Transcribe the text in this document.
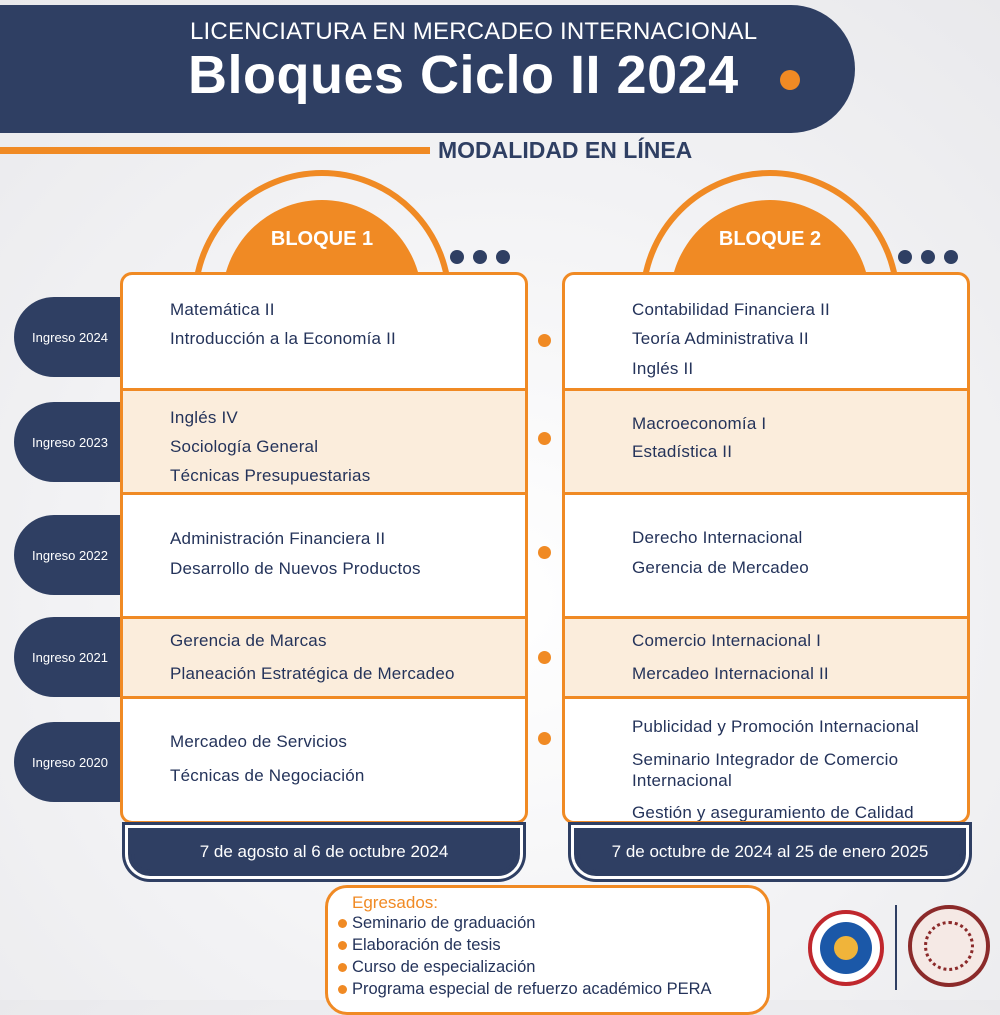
LICENCIATURA EN MERCADEO INTERNACIONAL
Bloques Ciclo II 2024
MODALIDAD EN LÍNEA
BLOQUE 1	BLOQUE 2
Ingreso 2024
Ingreso 2023
Ingreso 2022
Ingreso 2021
Ingreso 2020
Matemática II
Introducción a la Economía II
Inglés IV
Sociología General
Técnicas Presupuestarias
Administración Financiera II
Desarrollo de Nuevos Productos
Gerencia de Marcas
Planeación Estratégica de Mercadeo
Mercadeo de Servicios
Técnicas de Negociación
Contabilidad Financiera II
Teoría Administrativa II
Inglés II
Macroeconomía I
Estadística II
Derecho Internacional
Gerencia de Mercadeo
Comercio Internacional I
Mercadeo Internacional II
Publicidad y Promoción Internacional
Seminario Integrador de Comercio Internacional
Gestión y aseguramiento de Calidad
7 de agosto al 6 de octubre 2024	7 de octubre de 2024 al 25 de enero 2025
Egresados:
Seminario de graduación
Elaboración de tesis
Curso de especialización
Programa especial de refuerzo académico PERA
